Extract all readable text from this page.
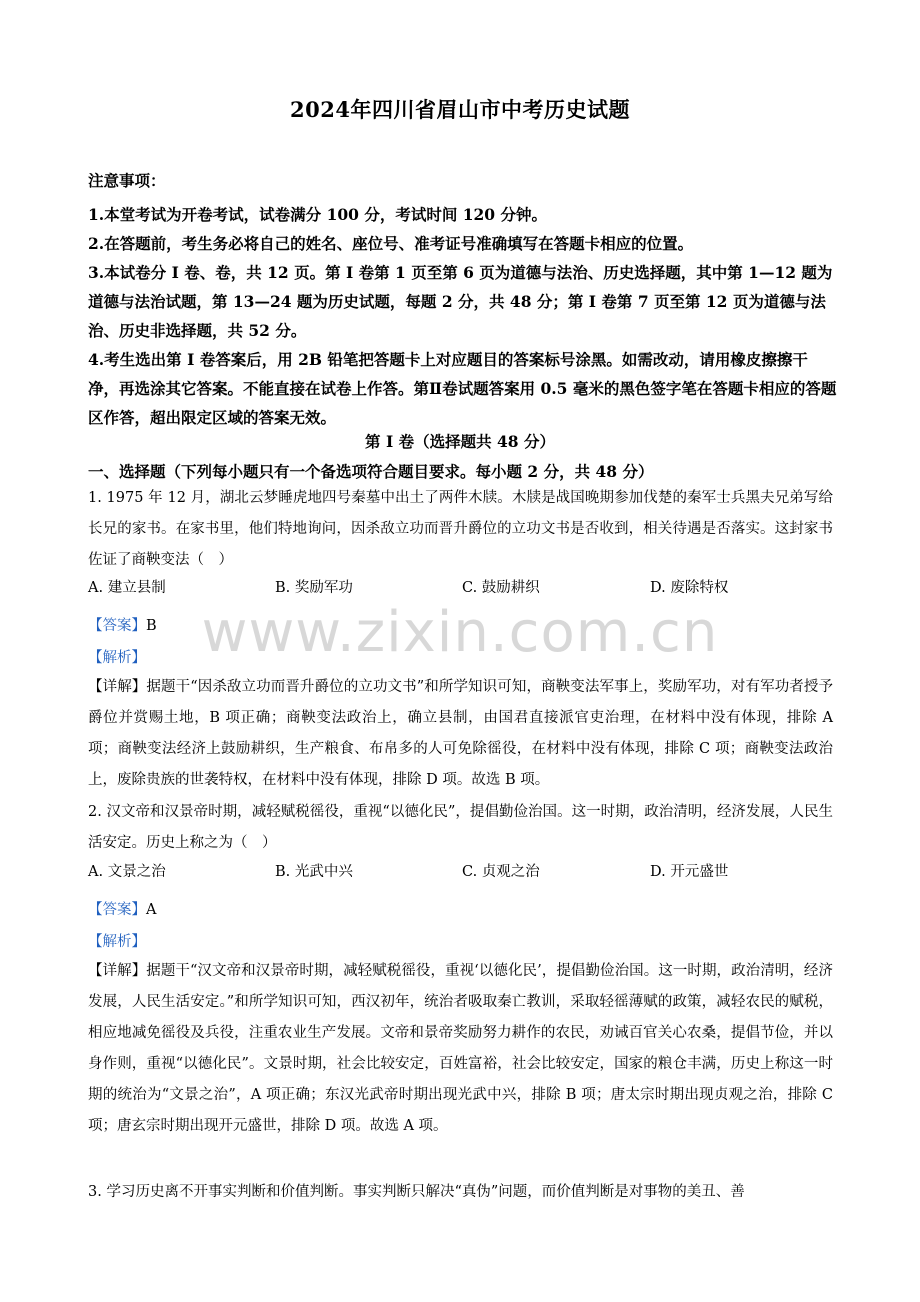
2024年四川省眉山市中考历史试题

注意事项：

1.本堂考试为开卷考试，试卷满分 100 分，考试时间 120 分钟。

2.在答题前，考生务必将自己的姓名、座位号、准考证号准确填写在答题卡相应的位置。

3.本试卷分 I 卷、卷，共 12 页。第 I 卷第 1 页至第 6 页为道德与法治、历史选择题，其中第 1—12 题为道德与法治试题，第 13—24 题为历史试题，每题 2 分，共 48 分；第 I 卷第 7 页至第 12 页为道德与法治、历史非选择题，共 52 分。

4.考生选出第 I 卷答案后，用 2B 铅笔把答题卡上对应题目的答案标号涂黑。如需改动，请用橡皮擦擦干净，再选涂其它答案。不能直接在试卷上作答。第Ⅱ卷试题答案用 0.5 毫米的黑色签字笔在答题卡相应的答题区作答，超出限定区域的答案无效。

第 I 卷（选择题共 48 分）
一、选择题（下列每小题只有一个备选项符合题目要求。每小题 2 分，共 48 分）

1. 1975 年 12 月，湖北云梦睡虎地四号秦墓中出土了两件木牍。木牍是战国晚期参加伐楚的秦军士兵黑夫兄弟写给长兄的家书。在家书里，他们特地询问，因杀敌立功而晋升爵位的立功文书是否收到，相关待遇是否落实。这封家书佐证了商鞅变法（　）

A. 建立县制	B. 奖励军功	C. 鼓励耕织	D. 废除特权
【答案】B
【解析】

【详解】据题干“因杀敌立功而晋升爵位的立功文书”和所学知识可知，商鞅变法军事上，奖励军功，对有军功者授予爵位并赏赐土地，B 项正确；商鞅变法政治上，确立县制，由国君直接派官吏治理，在材料中没有体现，排除 A 项；商鞅变法经济上鼓励耕织，生产粮食、布帛多的人可免除徭役，在材料中没有体现，排除 C 项；商鞅变法政治上，废除贵族的世袭特权，在材料中没有体现，排除 D 项。故选 B 项。

2. 汉文帝和汉景帝时期，减轻赋税徭役，重视“以德化民”，提倡勤俭治国。这一时期，政治清明，经济发展，人民生活安定。历史上称之为（　）

A. 文景之治	B. 光武中兴	C. 贞观之治	D. 开元盛世
【答案】A
【解析】

【详解】据题干“汉文帝和汉景帝时期，减轻赋税徭役，重视‘以德化民’，提倡勤俭治国。这一时期，政治清明，经济发展，人民生活安定。”和所学知识可知，西汉初年，统治者吸取秦亡教训，采取轻徭薄赋的政策，减轻农民的赋税，相应地减免徭役及兵役，注重农业生产发展。文帝和景帝奖励努力耕作的农民，劝诫百官关心农桑，提倡节俭，并以身作则，重视“以德化民”。文景时期，社会比较安定，百姓富裕，社会比较安定，国家的粮仓丰满，历史上称这一时期的统治为“文景之治”，A 项正确；东汉光武帝时期出现光武中兴，排除 B 项；唐太宗时期出现贞观之治，排除 C 项；唐玄宗时期出现开元盛世，排除 D 项。故选 A 项。

3. 学习历史离不开事实判断和价值判断。事实判断只解决“真伪”问题，而价值判断是对事物的美丑、善

www.zixin.com.cn
